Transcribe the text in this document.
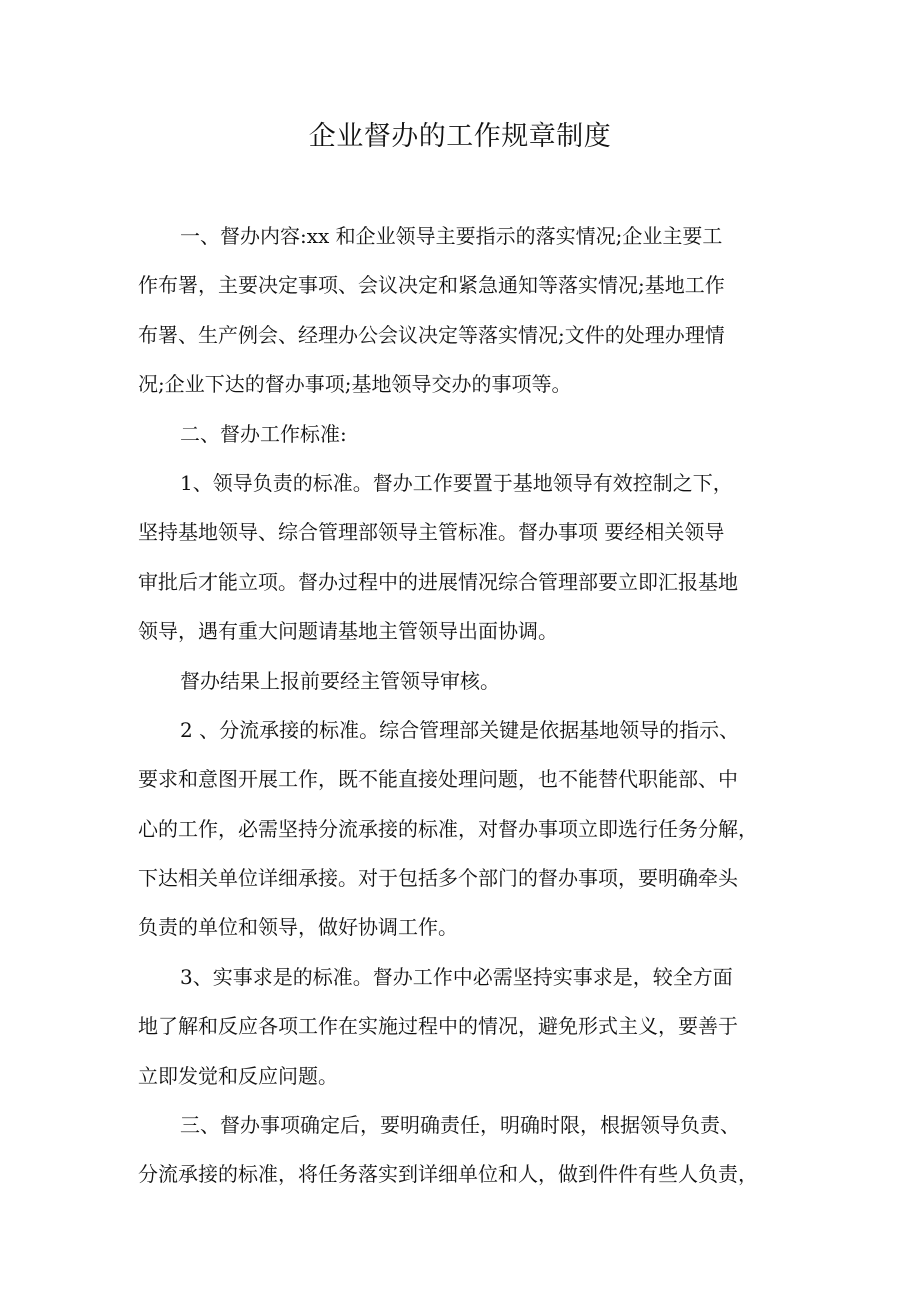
企业督办的工作规章制度
一、督办内容:xx 和企业领导主要指示的落实情况;企业主要工
作布署，主要决定事项、会议决定和紧急通知等落实情况;基地工作
布署、生产例会、经理办公会议决定等落实情况;文件的处理办理情
况;企业下达的督办事项;基地领导交办的事项等。
二、督办工作标准:
1、领导负责的标准。督办工作要置于基地领导有效控制之下，
坚持基地领导、综合管理部领导主管标准。督办事项 要经相关领导
审批后才能立项。督办过程中的进展情况综合管理部要立即汇报基地
领导，遇有重大问题请基地主管领导出面协调。
督办结果上报前要经主管领导审核。
2 、分流承接的标准。综合管理部关键是依据基地领导的指示、
要求和意图开展工作，既不能直接处理问题，也不能替代职能部、中
心的工作，必需坚持分流承接的标准，对督办事项立即选行任务分解，
下达相关单位详细承接。对于包括多个部门的督办事项，要明确牵头
负责的单位和领导，做好协调工作。
3、实事求是的标准。督办工作中必需坚持实事求是，较全方面
地了解和反应各项工作在实施过程中的情况，避免形式主义，要善于
立即发觉和反应问题。
三、督办事项确定后，要明确责任，明确时限，根据领导负责、
分流承接的标准，将任务落实到详细单位和人，做到件件有些人负责，
